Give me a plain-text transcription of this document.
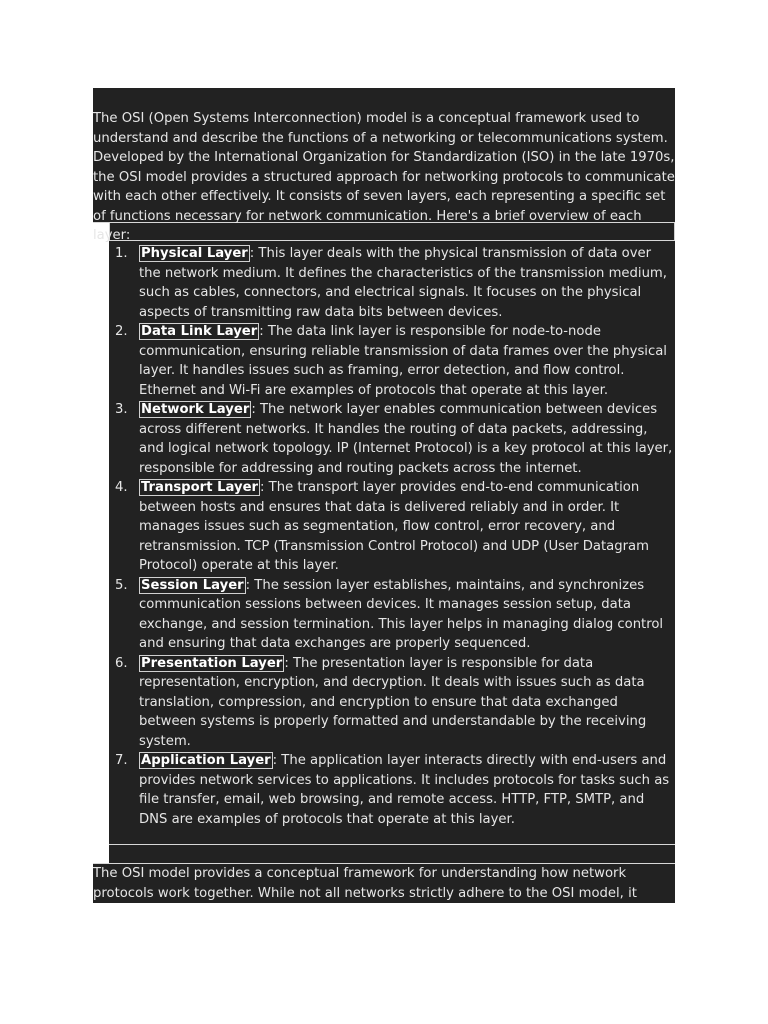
The OSI (Open Systems Interconnection) model is a conceptual framework used to understand and describe the functions of a networking or telecommunications system. Developed by the International Organization for Standardization (ISO) in the late 1970s, the OSI model provides a structured approach for networking protocols to communicate with each other effectively. It consists of seven layers, each representing a specific set of functions necessary for network communication. Here's a brief overview of each layer:

1. Physical Layer : This layer deals with the physical transmission of data over the network medium. It defines the characteristics of the transmission medium, such as cables, connectors, and electrical signals. It focuses on the physical aspects of transmitting raw data bits between devices.
2. Data Link Layer : The data link layer is responsible for node-to-node communication, ensuring reliable transmission of data frames over the physical layer. It handles issues such as framing, error detection, and flow control. Ethernet and Wi-Fi are examples of protocols that operate at this layer.
3. Network Layer : The network layer enables communication between devices across different networks. It handles the routing of data packets, addressing, and logical network topology. IP (Internet Protocol) is a key protocol at this layer, responsible for addressing and routing packets across the internet.
4. Transport Layer : The transport layer provides end-to-end communication between hosts and ensures that data is delivered reliably and in order. It manages issues such as segmentation, flow control, error recovery, and retransmission. TCP (Transmission Control Protocol) and UDP (User Datagram Protocol) operate at this layer.
5. Session Layer : The session layer establishes, maintains, and synchronizes communication sessions between devices. It manages session setup, data exchange, and session termination. This layer helps in managing dialog control and ensuring that data exchanges are properly sequenced.
6. Presentation Layer : The presentation layer is responsible for data representation, encryption, and decryption. It deals with issues such as data translation, compression, and encryption to ensure that data exchanged between systems is properly formatted and understandable by the receiving system.
7. Application Layer : The application layer interacts directly with end-users and provides network services to applications. It includes protocols for tasks such as file transfer, email, web browsing, and remote access. HTTP, FTP, SMTP, and DNS are examples of protocols that operate at this layer.

The OSI model provides a conceptual framework for understanding how network protocols work together. While not all networks strictly adhere to the OSI model, it
